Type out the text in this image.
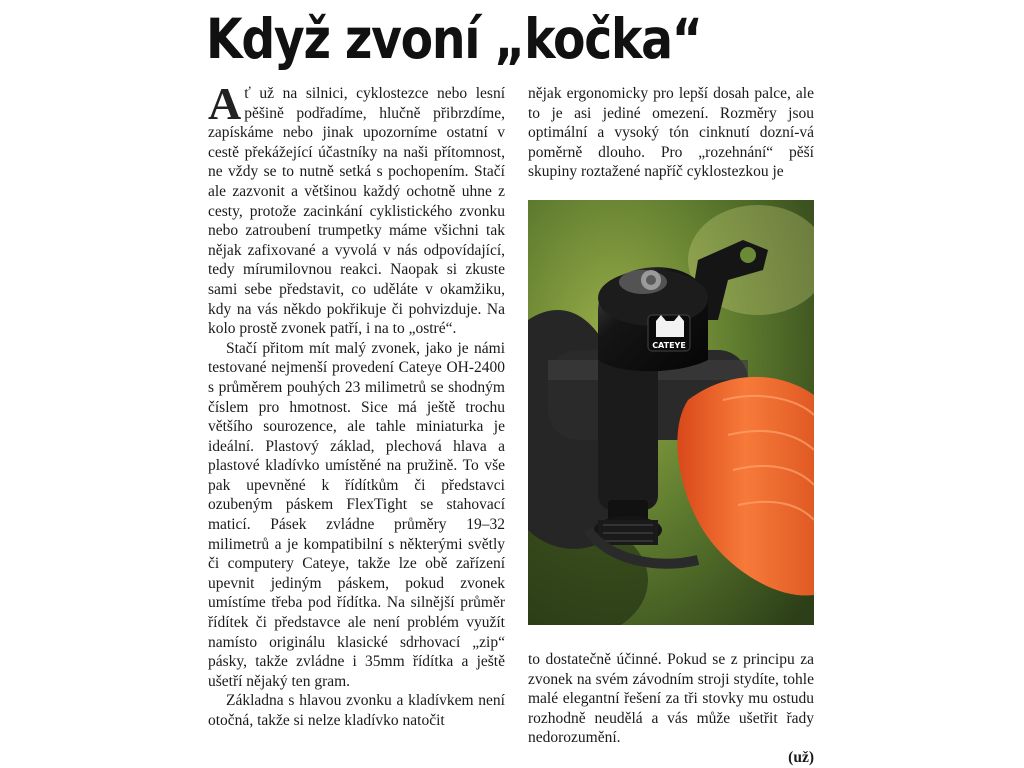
Když zvoní „kočka“

Ať už na silnici, cyklostezce nebo lesní pěšině podřadíme, hlučně přibrzdíme, zapískáme nebo jinak upozorníme ostatní v cestě překážející účastníky na naši přítomnost, ne vždy se to nutně setká s pochopením. Stačí ale zazvonit a většinou každý ochotně uhne z cesty, protože zacinkání cyklistického zvonku nebo zatroubení trumpetky máme všichni tak nějak zafixované a vyvolá v nás odpovídající, tedy mírumilovnou reakci. Naopak si zkuste sami sebe představit, co uděláte v okamžiku, kdy na vás někdo pokřikuje či pohvizduje. Na kolo prostě zvonek patří, i na to „ostré“.

Stačí přitom mít malý zvonek, jako je námi testované nejmenší provedení Cateye OH-2400 s průměrem pouhých 23 milimetrů se shodným číslem pro hmotnost. Sice má ještě trochu většího sourozence, ale tahle miniaturka je ideální. Plastový základ, plechová hlava a plastové kladívko umístěné na pružině. To vše pak upevněné k řídítkům či představci ozubeným páskem FlexTight se stahovací maticí. Pásek zvládne průměry 19–32 milimetrů a je kompatibilní s některými světly či computery Cateye, takže lze obě zařízení upevnit jediným páskem, pokud zvonek umístíme třeba pod řídítka. Na silnější průměr řídítek či představce ale není problém využít namísto originálu klasické sdrhovací „zip“ pásky, takže zvládne i 35mm řídítka a ještě ušetří nějaký ten gram.

Základna s hlavou zvonku a kladívkem není otočná, takže si nelze kladívko natočit

nějak ergonomicky pro lepší dosah palce, ale to je asi jediné omezení. Rozměry jsou optimální a vysoký tón cinknutí dozní-vá poměrně dlouho. Pro „rozehnání“ pěší skupiny roztažené napříč cyklostezkou je

CATEYE

to dostatečně účinné. Pokud se z principu za zvonek na svém závodním stroji stydíte, tohle malé elegantní řešení za tři stovky mu ostudu rozhodně neudělá a vás může ušetřit řady nedorozumění.

(už)
